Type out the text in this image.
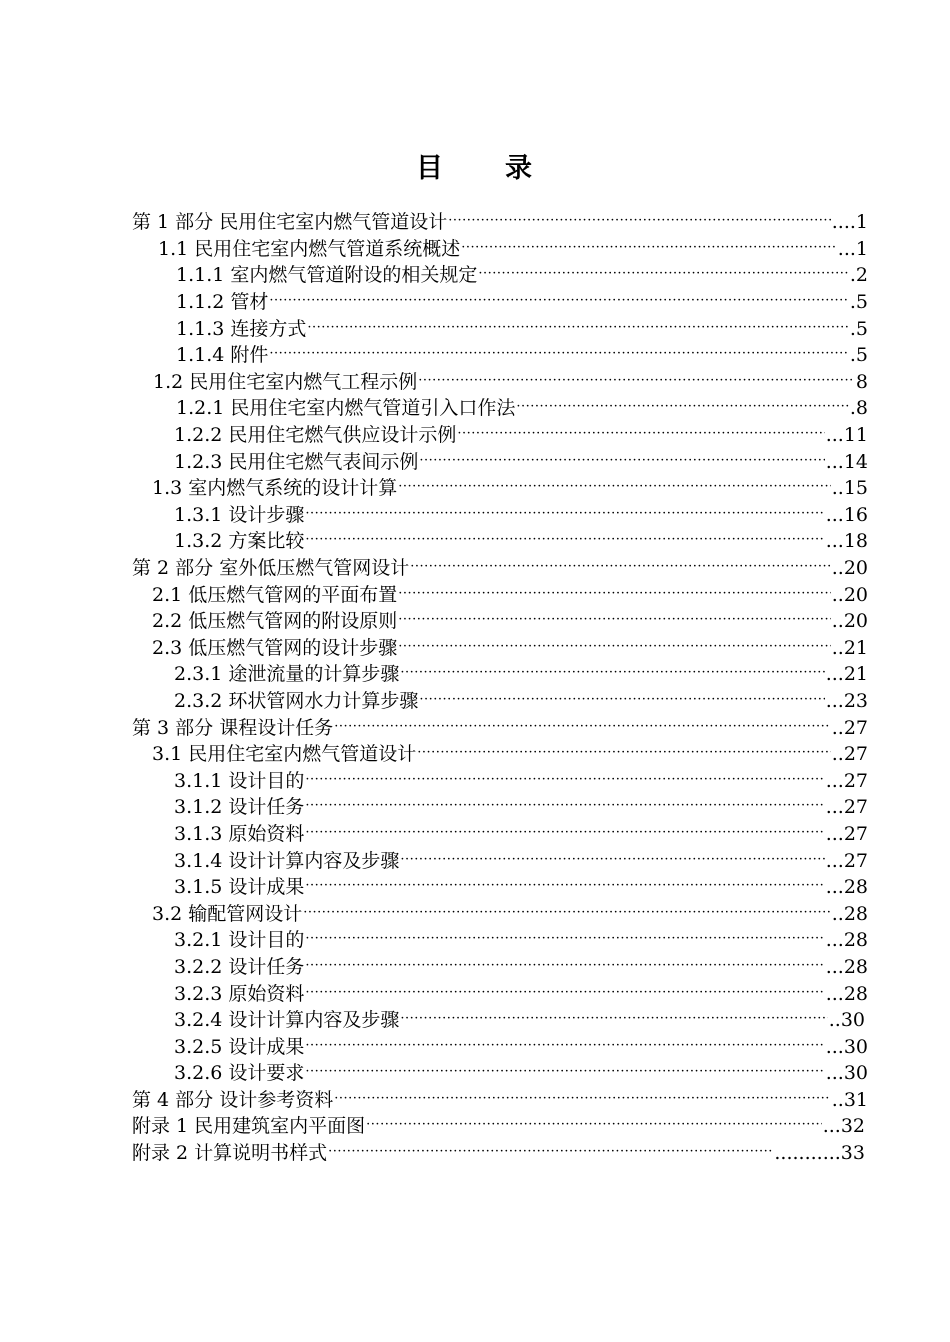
目 录
第 1 部分 民用住宅室内燃气管道设计 ·····	....1
1.1 民用住宅室内燃气管道系统概述 ·····	...1
1.1.1 室内燃气管道附设的相关规定 ·····	.2
1.1.2 管材 ·····	.5
1.1.3 连接方式 ·····	.5
1.1.4 附件 ·····	.5
1.2 民用住宅室内燃气工程示例 ·····	8
1.2.1 民用住宅室内燃气管道引入口作法 ·····	.8
1.2.2 民用住宅燃气供应设计示例 ·····	...11
1.2.3 民用住宅燃气表间示例 ·····	...14
1.3 室内燃气系统的设计计算 ·····	..15
1.3.1 设计步骤 ·····	...16
1.3.2 方案比较 ·····	...18
第 2 部分 室外低压燃气管网设计 ·····	..20
2.1 低压燃气管网的平面布置 ·····	..20
2.2 低压燃气管网的附设原则 ·····	..20
2.3 低压燃气管网的设计步骤 ·····	..21
2.3.1 途泄流量的计算步骤 ·····	...21
2.3.2 环状管网水力计算步骤 ·····	...23
第 3 部分 课程设计任务 ·····	..27
3.1 民用住宅室内燃气管道设计 ·····	..27
3.1.1 设计目的 ·····	...27
3.1.2 设计任务 ·····	...27
3.1.3 原始资料 ·····	...27
3.1.4 设计计算内容及步骤 ·····	...27
3.1.5 设计成果 ·····	...28
3.2 输配管网设计 ·····	..28
3.2.1 设计目的 ·····	...28
3.2.2 设计任务 ·····	...28
3.2.3 原始资料 ·····	...28
3.2.4 设计计算内容及步骤 ·····	..30
3.2.5 设计成果 ·····	...30
3.2.6 设计要求 ·····	...30
第 4 部分 设计参考资料 ·····	..31
附录 1 民用建筑室内平面图 ·····	...32
附录 2 计算说明书样式 ·····	...........33
